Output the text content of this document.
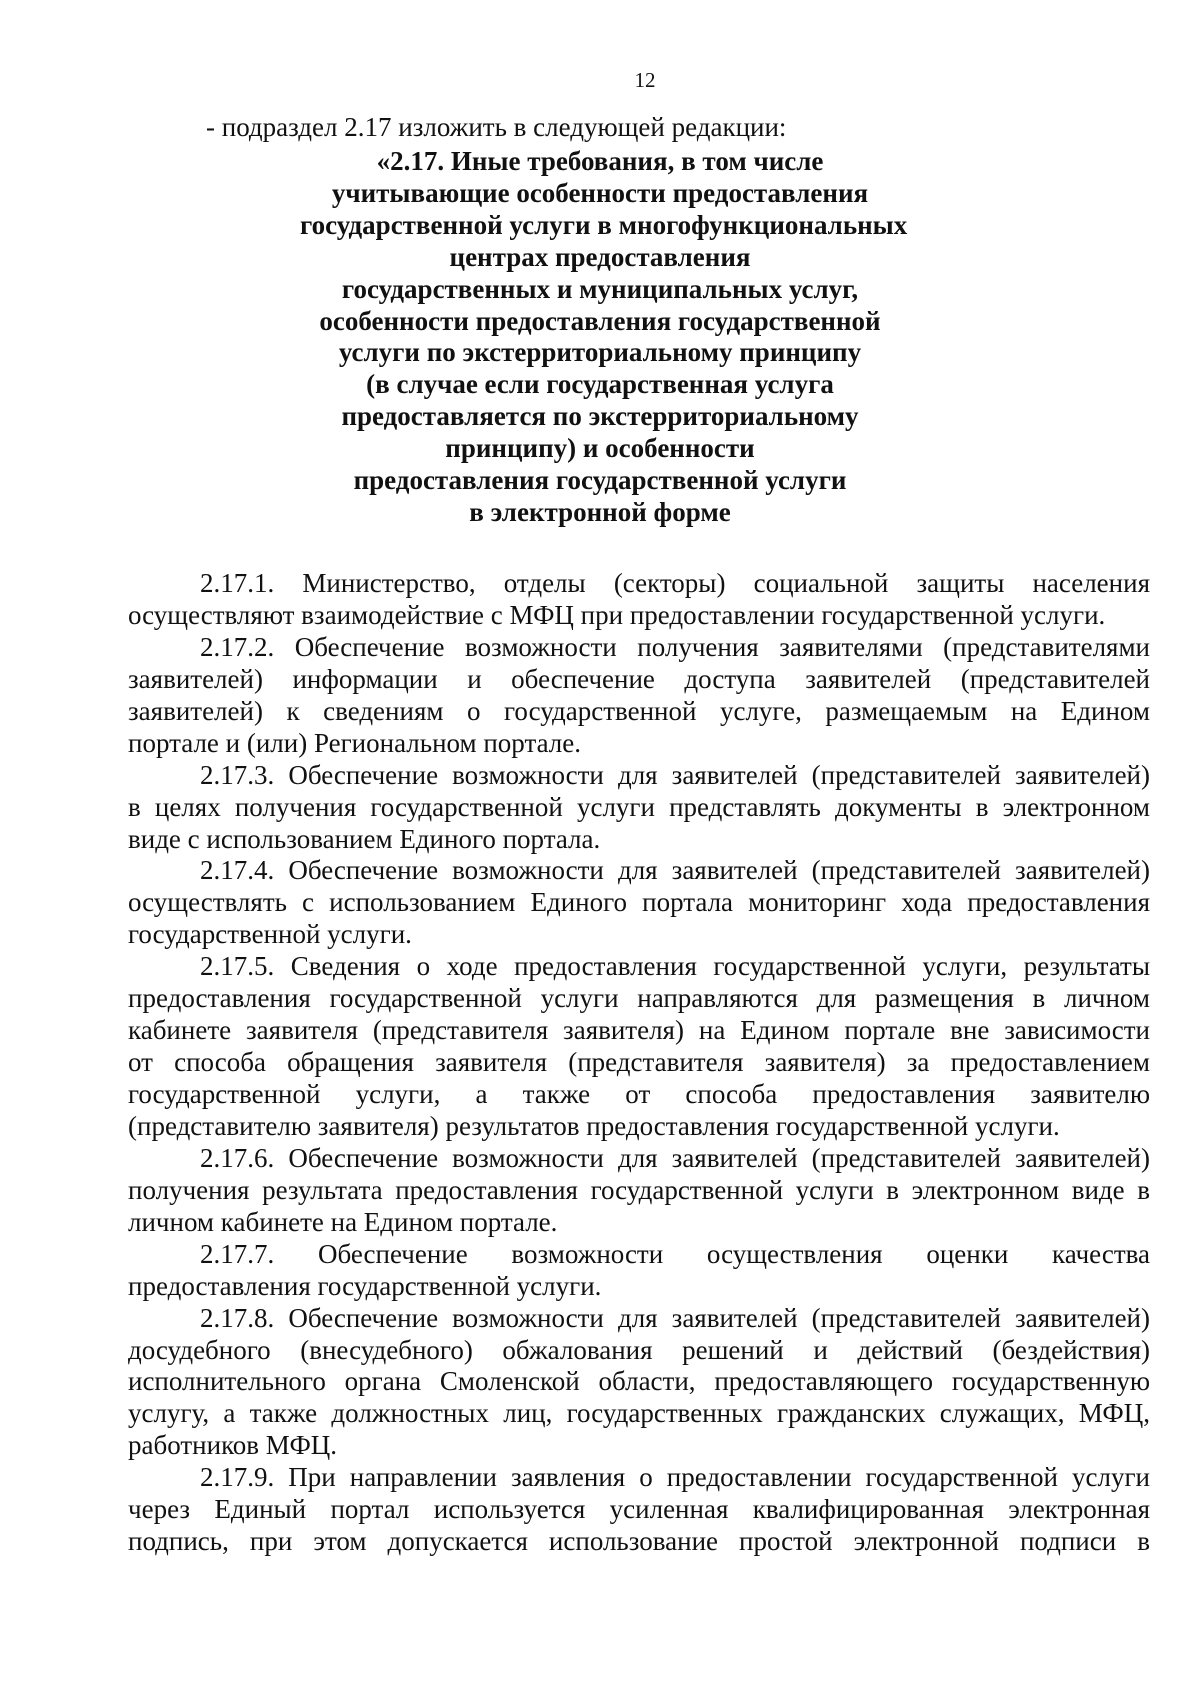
12
- подраздел 2.17 изложить в следующей редакции:
«2.17. Иные требования, в том числе
учитывающие особенности предоставления
государственной услуги в многофункциональных
центрах предоставления
государственных и муниципальных услуг,
особенности предоставления государственной
услуги по экстерриториальному принципу
(в случае если государственная услуга
предоставляется по экстерриториальному
принципу) и особенности
предоставления государственной услуги
в электронной форме
2.17.1. Министерство, отделы (секторы) социальной защиты населения
осуществляют взаимодействие с МФЦ при предоставлении государственной услуги.
2.17.2. Обеспечение возможности получения заявителями (представителями
заявителей) информации и обеспечение доступа заявителей (представителей
заявителей) к сведениям о государственной услуге, размещаемым на Едином
портале и (или) Региональном портале.
2.17.3. Обеспечение возможности для заявителей (представителей заявителей)
в целях получения государственной услуги представлять документы в электронном
виде с использованием Единого портала.
2.17.4. Обеспечение возможности для заявителей (представителей заявителей)
осуществлять с использованием Единого портала мониторинг хода предоставления
государственной услуги.
2.17.5. Сведения о ходе предоставления государственной услуги, результаты
предоставления государственной услуги направляются для размещения в личном
кабинете заявителя (представителя заявителя) на Едином портале вне зависимости
от способа обращения заявителя (представителя заявителя) за предоставлением
государственной услуги, а также от способа предоставления заявителю
(представителю заявителя) результатов предоставления государственной услуги.
2.17.6. Обеспечение возможности для заявителей (представителей заявителей)
получения результата предоставления государственной услуги в электронном виде в
личном кабинете на Едином портале.
2.17.7. Обеспечение возможности осуществления оценки качества
предоставления государственной услуги.
2.17.8. Обеспечение возможности для заявителей (представителей заявителей)
досудебного (внесудебного) обжалования решений и действий (бездействия)
исполнительного органа Смоленской области, предоставляющего государственную
услугу, а также должностных лиц, государственных гражданских служащих, МФЦ,
работников МФЦ.
2.17.9. При направлении заявления о предоставлении государственной услуги
через Единый портал используется усиленная квалифицированная электронная
подпись, при этом допускается использование простой электронной подписи в
